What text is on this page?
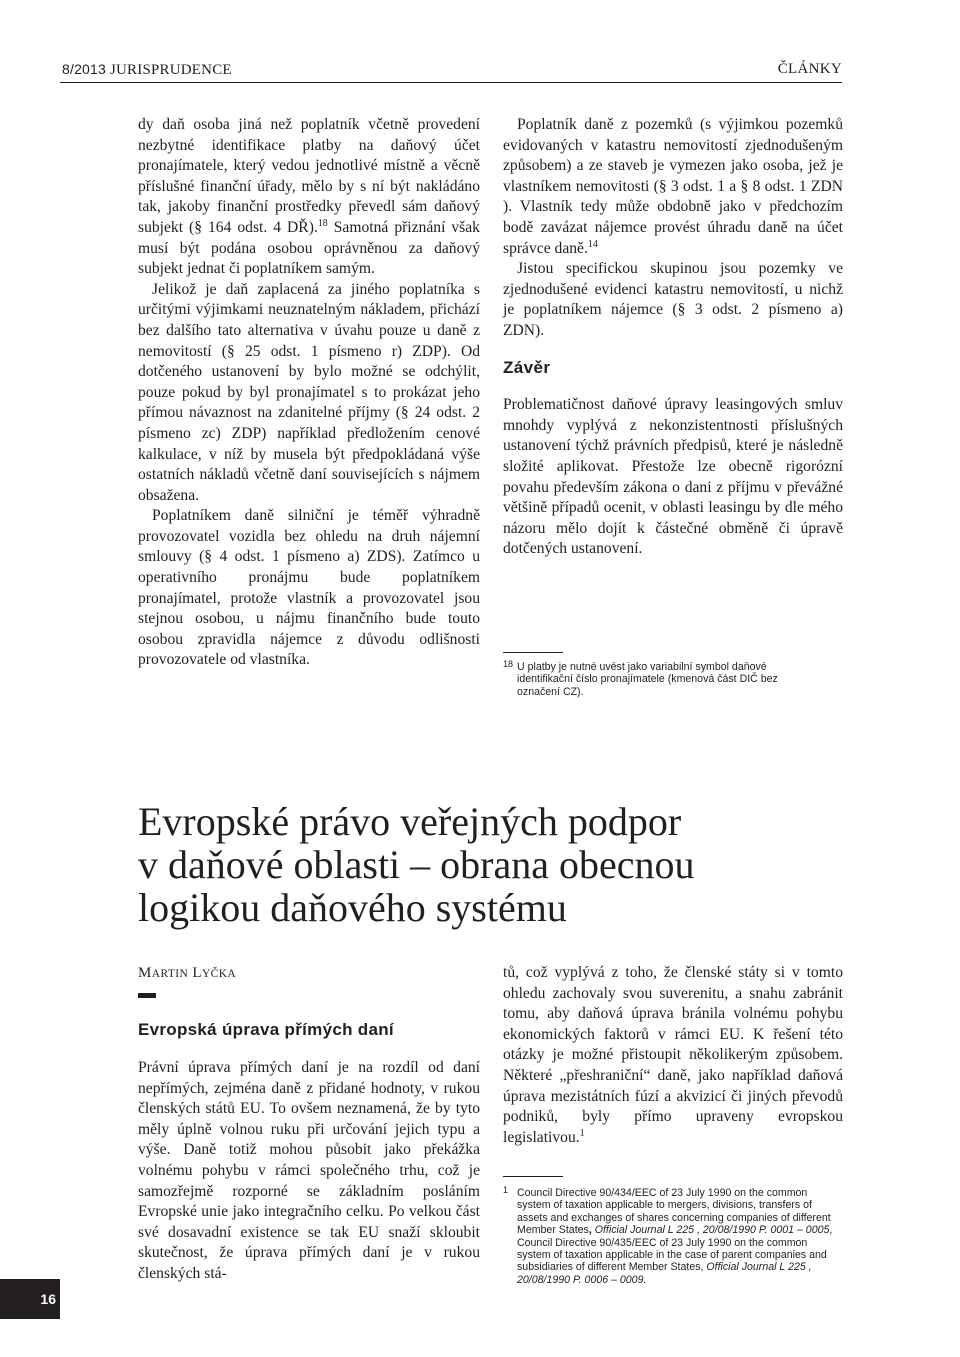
8/2013 JURISPRUDENCE	ČLÁNKY

dy daň osoba jiná než poplatník včetně provedení nezbytné identifikace platby na daňový účet pronajímatele, který vedou jednotlivé místně a věcně příslušné finanční úřady, mělo by s ní být nakládáno tak, jakoby finanční prostředky převedl sám daňový subjekt (§ 164 odst. 4 DŘ).$^{18}$ Samotná přiznání však musí být podána osobou oprávněnou za daňový subjekt jednat či poplatníkem samým.

Jelikož je daň zaplacená za jiného poplatníka s určitými výjimkami neuznatelným nákladem, přichází bez dalšího tato alternativa v úvahu pouze u daně z nemovitostí (§ 25 odst. 1 písmeno r) ZDP). Od dotčeného ustanovení by bylo možné se odchýlit, pouze pokud by byl pronajímatel s to prokázat jeho přímou návaznost na zdanitelné příjmy (§ 24 odst. 2 písmeno zc) ZDP) například předložením cenové kalkulace, v níž by musela být předpokládaná výše ostatních nákladů včetně daní souvisejících s nájmem obsažena.

Poplatníkem daně silniční je téměř výhradně provozovatel vozidla bez ohledu na druh nájemní smlouvy (§ 4 odst. 1 písmeno a) ZDS). Zatímco u operativního pronájmu bude poplatníkem pronajímatel, protože vlastník a provozovatel jsou stejnou osobou, u nájmu finančního bude touto osobou zpravidla nájemce z důvodu odlišnosti provozovatele od vlastníka.

Poplatník daně z pozemků (s výjimkou pozemků evidovaných v katastru nemovitostí zjednodušeným způsobem) a ze staveb je vymezen jako osoba, jež je vlastníkem nemovitosti (§ 3 odst. 1 a § 8 odst. 1 ZDN ). Vlastník tedy může obdobně jako v předchozím bodě zavázat nájemce provést úhradu daně na účet správce daně.$^{14}$

Jistou specifickou skupinou jsou pozemky ve zjednodušené evidenci katastru nemovitostí, u nichž je poplatníkem nájemce (§ 3 odst. 2 písmeno a) ZDN).

Závěr

Problematičnost daňové úpravy leasingových smluv mnohdy vyplývá z nekonzistentnosti příslušných ustanovení týchž právních předpisů, které je následně složité aplikovat. Přestože lze obecně rigorózní povahu především zákona o dani z příjmu v převážné většině případů ocenit, v oblasti leasingu by dle mého názoru mělo dojít k částečné obměně či úpravě dotčených ustanovení.

18 U platby je nutné uvést jako variabilní symbol daňové identifikační číslo pronajímatele (kmenová část DIČ bez označení CZ).
Evropské právo veřejných podpor
v daňové oblasti – obrana obecnou
logikou daňového systému
MARTIN LYČKA
Evropská úprava přímých daní

Právní úprava přímých daní je na rozdíl od daní nepřímých, zejména daně z přidané hodnoty, v rukou členských států EU. To ovšem neznamená, že by tyto měly úplně volnou ruku při určování jejich typu a výše. Daně totiž mohou působit jako překážka volnému pohybu v rámci společného trhu, což je samozřejmě rozporné se základním posláním Evropské unie jako integračního celku. Po velkou část své dosavadní existence se tak EU snaží skloubit skutečnost, že úprava přímých daní je v rukou členských stá-

tů, což vyplývá z toho, že členské státy si v tomto ohledu zachovaly svou suverenitu, a snahu zabránit tomu, aby daňová úprava bránila volnému pohybu ekonomických faktorů v rámci EU. K řešení této otázky je možné přistoupit několikerým způsobem. Některé „přeshraniční“ daně, jako například daňová úprava mezistátních fúzí a akvizicí či jiných převodů podniků, byly přímo upraveny evropskou legislativou.$^1$

1 Council Directive 90/434/EEC of 23 July 1990 on the common system of taxation applicable to mergers, divisions, transfers of assets and exchanges of shares concerning companies of different Member States, Official Journal L 225 , 20/08/1990 P. 0001 – 0005, Council Directive 90/435/EEC of 23 July 1990 on the common system of taxation applicable in the case of parent companies and subsidiaries of different Member States, Official Journal L 225 , 20/08/1990 P. 0006 – 0009.
16
